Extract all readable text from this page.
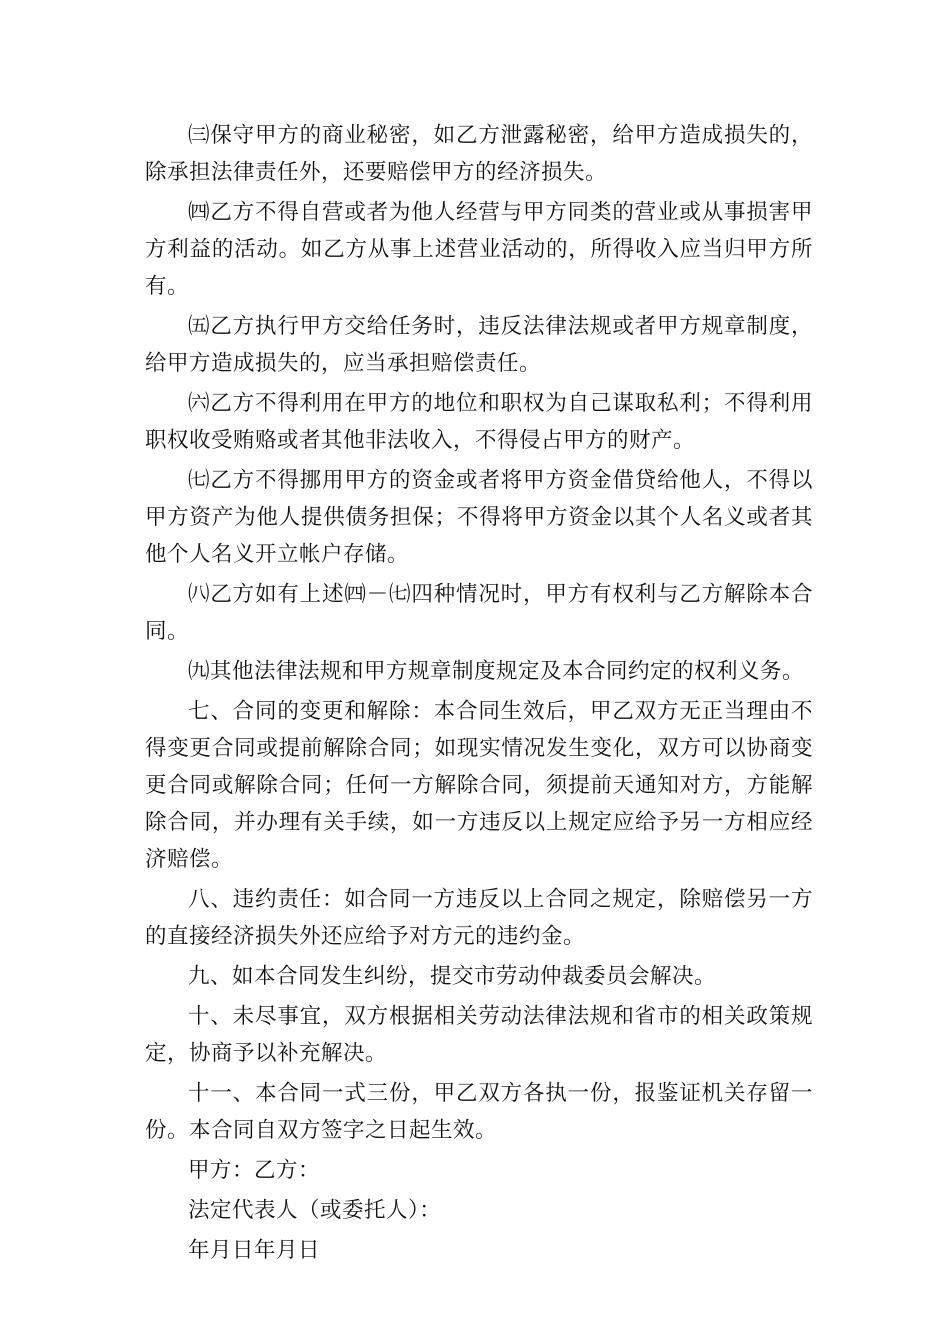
㈢保守甲方的商业秘密，如乙方泄露秘密，给甲方造成损失的，除承担法律责任外，还要赔偿甲方的经济损失。

㈣乙方不得自营或者为他人经营与甲方同类的营业或从事损害甲方利益的活动。如乙方从事上述营业活动的，所得收入应当归甲方所有。

㈤乙方执行甲方交给任务时，违反法律法规或者甲方规章制度，给甲方造成损失的，应当承担赔偿责任。

㈥乙方不得利用在甲方的地位和职权为自己谋取私利；不得利用职权收受贿赂或者其他非法收入，不得侵占甲方的财产。

㈦乙方不得挪用甲方的资金或者将甲方资金借贷给他人，不得以甲方资产为他人提供债务担保；不得将甲方资金以其个人名义或者其他个人名义开立帐户存储。

㈧乙方如有上述㈣－㈦四种情况时，甲方有权利与乙方解除本合同。

㈨其他法律法规和甲方规章制度规定及本合同约定的权利义务。

七、合同的变更和解除：本合同生效后，甲乙双方无正当理由不得变更合同或提前解除合同；如现实情况发生变化，双方可以协商变更合同或解除合同；任何一方解除合同，须提前天通知对方，方能解除合同，并办理有关手续，如一方违反以上规定应给予另一方相应经济赔偿。

八、违约责任：如合同一方违反以上合同之规定，除赔偿另一方的直接经济损失外还应给予对方元的违约金。

九、如本合同发生纠纷，提交市劳动仲裁委员会解决。

十、未尽事宜，双方根据相关劳动法律法规和省市的相关政策规定，协商予以补充解决。

十一、本合同一式三份，甲乙双方各执一份，报鉴证机关存留一份。本合同自双方签字之日起生效。

甲方：乙方：

法定代表人（或委托人）：

年月日年月日
